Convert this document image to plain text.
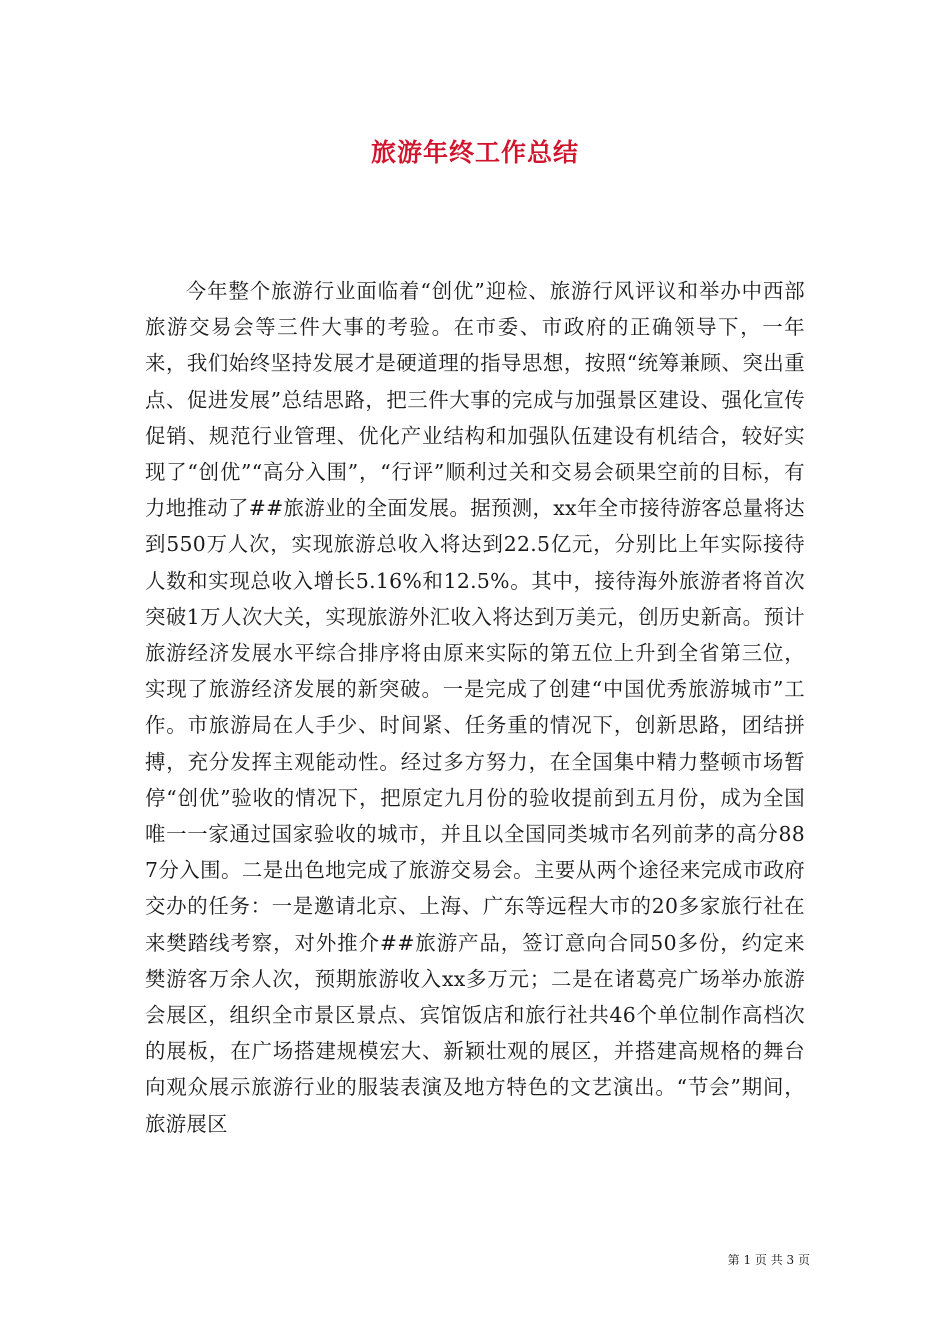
旅游年终工作总结

今年整个旅游行业面临着“创优”迎检、旅游行风评议和举办中西部旅游交易会等三件大事的考验。在市委、市政府的正确领导下，一年来，我们始终坚持发展才是硬道理的指导思想，按照“统筹兼顾、突出重点、促进发展”总结思路，把三件大事的完成与加强景区建设、强化宣传促销、规范行业管理、优化产业结构和加强队伍建设有机结合，较好实现了“创优”“高分入围”，“行评”顺利过关和交易会硕果空前的目标，有力地推动了##旅游业的全面发展。据预测，xx年全市接待游客总量将达到550万人次，实现旅游总收入将达到22.5亿元，分别比上年实际接待人数和实现总收入增长5.16%和12.5%。其中，接待海外旅游者将首次突破1万人次大关，实现旅游外汇收入将达到万美元，创历史新高。预计旅游经济发展水平综合排序将由原来实际的第五位上升到全省第三位，实现了旅游经济发展的新突破。一是完成了创建“中国优秀旅游城市”工作。市旅游局在人手少、时间紧、任务重的情况下，创新思路，团结拼搏，充分发挥主观能动性。经过多方努力，在全国集中精力整顿市场暂停“创优”验收的情况下，把原定九月份的验收提前到五月份，成为全国唯一一家通过国家验收的城市，并且以全国同类城市名列前茅的高分887分入围。二是出色地完成了旅游交易会。主要从两个途径来完成市政府交办的任务：一是邀请北京、上海、广东等远程大市的20多家旅行社在来樊踏线考察，对外推介##旅游产品，签订意向合同50多份，约定来樊游客万余人次，预期旅游收入xx多万元；二是在诸葛亮广场举办旅游会展区，组织全市景区景点、宾馆饭店和旅行社共46个单位制作高档次的展板，在广场搭建规模宏大、新颖壮观的展区，并搭建高规格的舞台向观众展示旅游行业的服装表演及地方特色的文艺演出。“节会”期间，旅游展区

第 1 页 共 3 页
